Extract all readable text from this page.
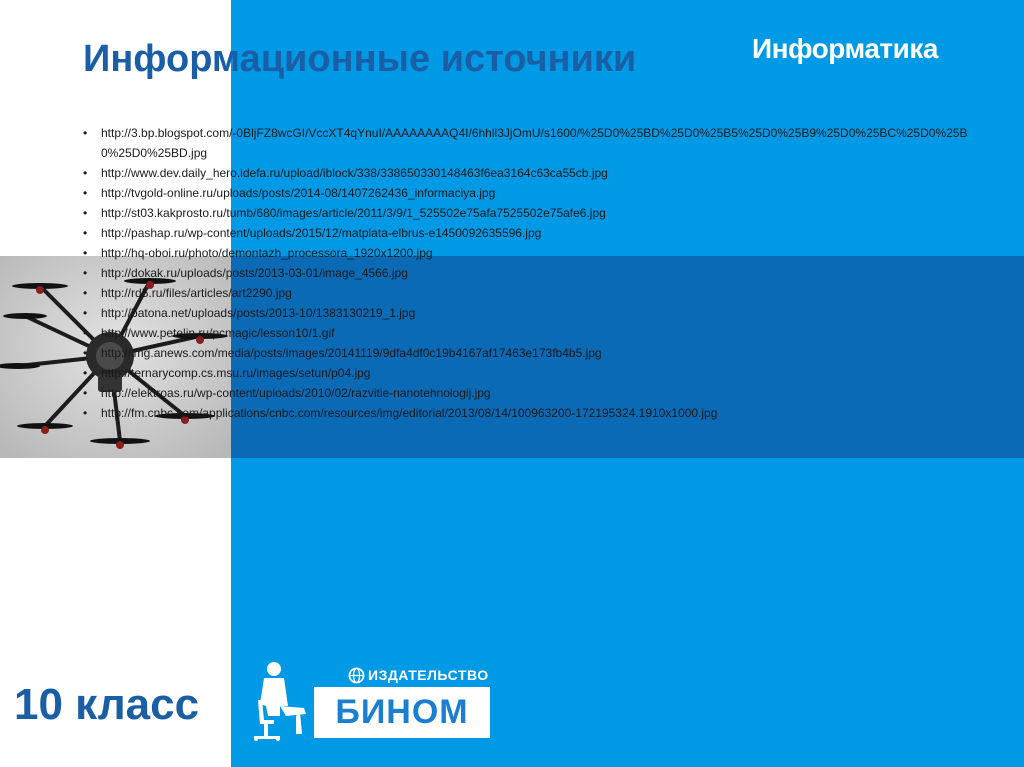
Информационные источники	Информатика
• http://3.bp.blogspot.com/-0BljFZ8wcGI/VccXT4qYnuI/AAAAAAAAQ4I/6hhll3JjOmU/s1600/%25D0%25BD%25D0%25B5%25D0%25B9%25D0%25BC%25D0%25B0%25D0%25BD.jpg
• http://www.dev.daily_hero.idefa.ru/upload/iblock/338/338650330148463f6ea3164c63ca55cb.jpg
• http://tvgold-online.ru/uploads/posts/2014-08/1407262436_informaciya.jpg
• http://st03.kakprosto.ru/tumb/680/images/article/2011/3/9/1_525502e75afa7525502e75afe6.jpg
• http://pashap.ru/wp-content/uploads/2015/12/matplata-elbrus-e1450092635596.jpg
• http://hq-oboi.ru/photo/demontazh_processora_1920x1200.jpg
• http://dokak.ru/uploads/posts/2013-03-01/image_4566.jpg
• http://rd5.ru/files/articles/art2290.jpg
• http://batona.net/uploads/posts/2013-10/1383130219_1.jpg
• http://www.petelin.ru/pcmagic/lesson10/1.gif
• http://img.anews.com/media/posts/images/20141119/9dfa4df0c19b4167af17463e173fb4b5.jpg
• http://ternarycomp.cs.msu.ru/images/setun/p04.jpg
• http://elektroas.ru/wp-content/uploads/2010/02/razvitie-nanotehnologij.jpg
• http://fm.cnbc.com/applications/cnbc.com/resources/img/editorial/2013/08/14/100963200-172195324.1910x1000.jpg
10 класс
ИЗДАТЕЛЬСТВО
БИНОМ
